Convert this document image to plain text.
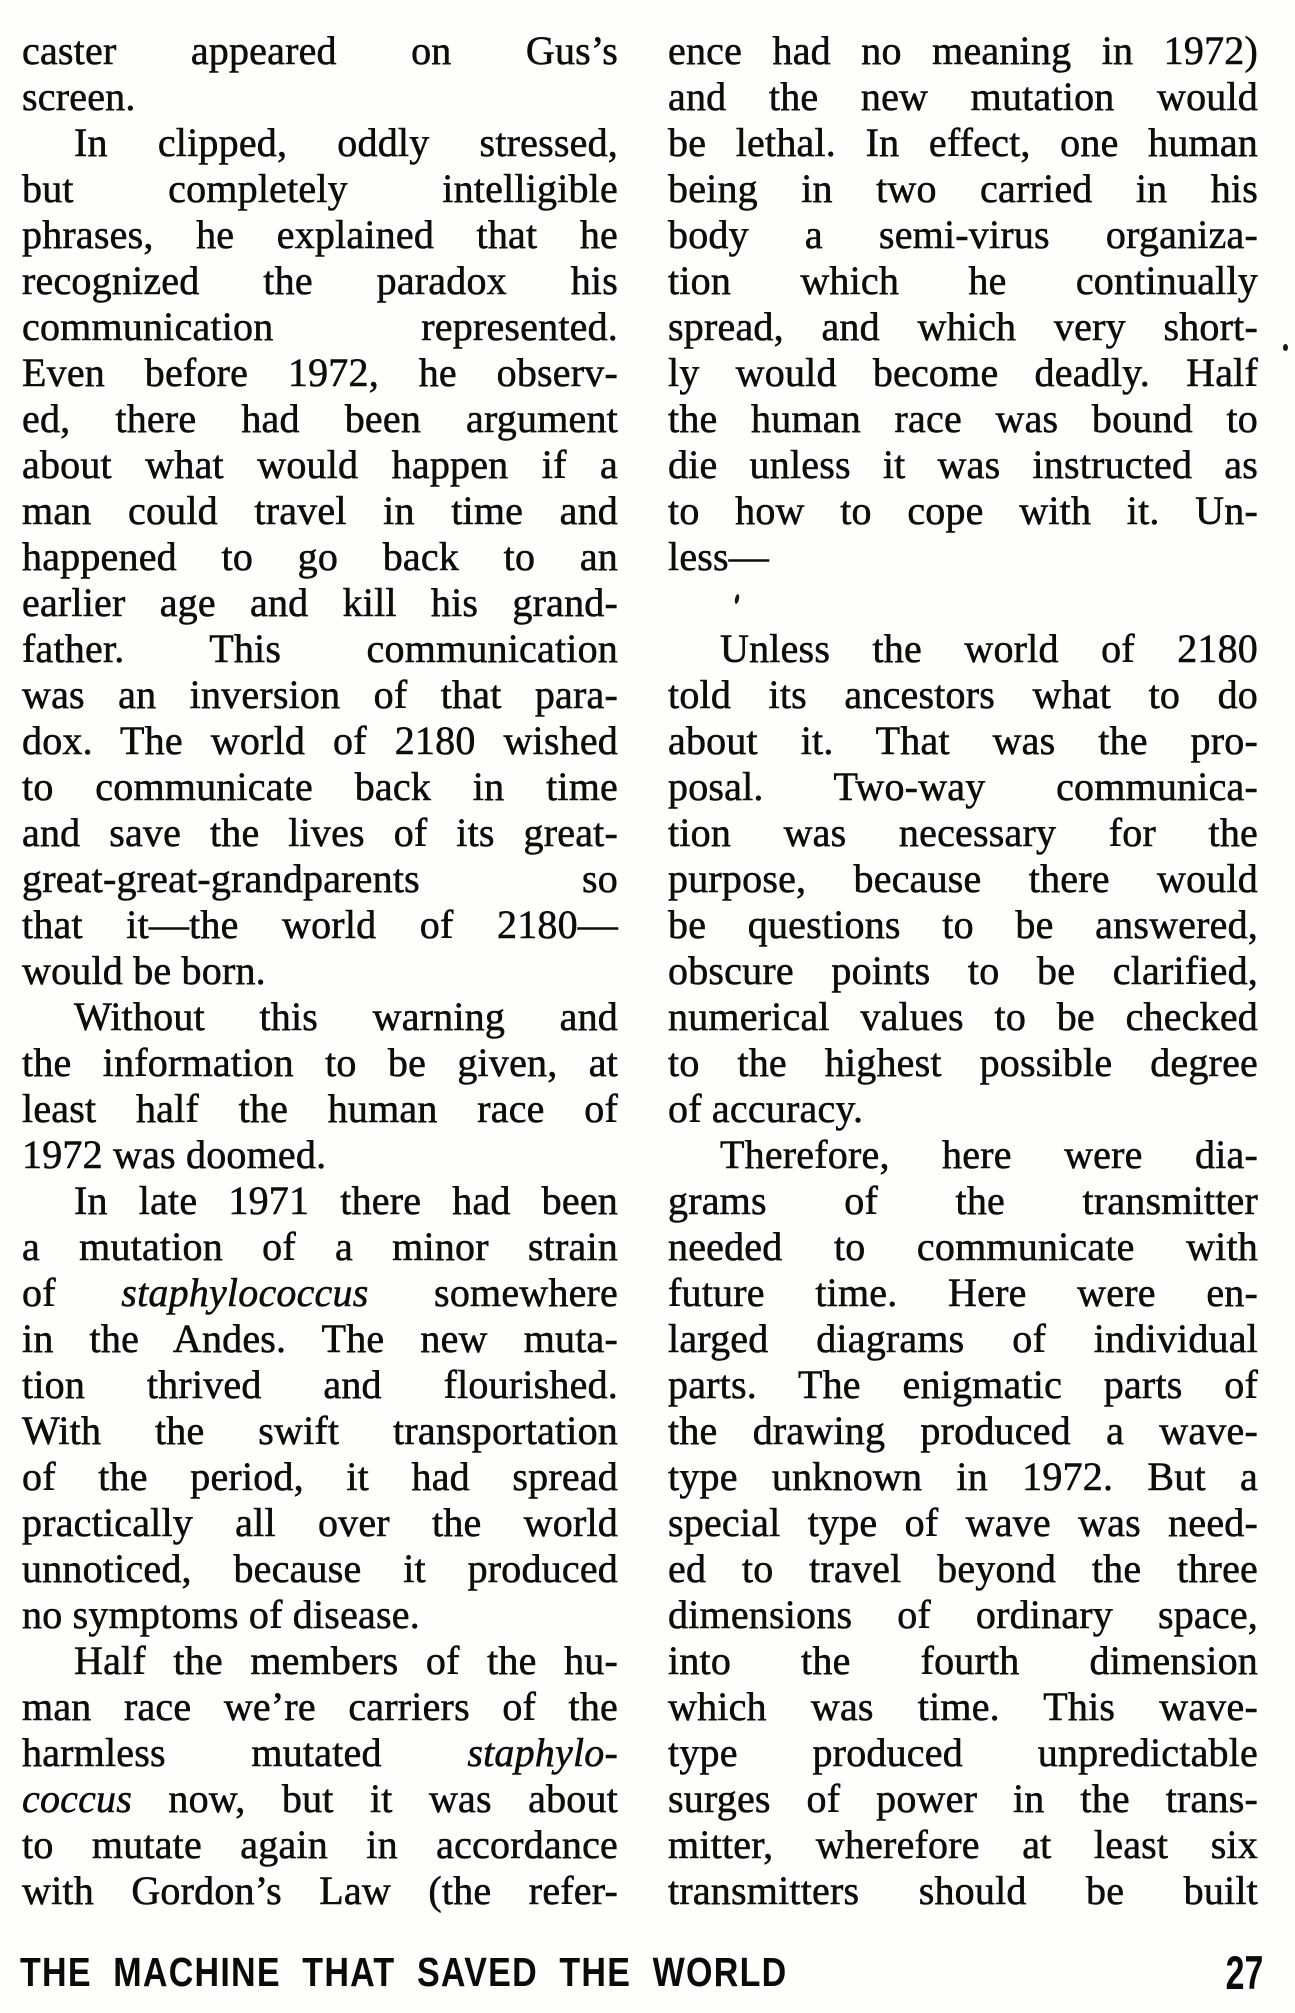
caster appeared on Gus’s
screen.
In clipped, oddly stressed,
but completely intelligible
phrases, he explained that he
recognized the paradox his
communication represented.
Even before 1972, he observ-
ed, there had been argument
about what would happen if a
man could travel in time and
happened to go back to an
earlier age and kill his grand-
father. This communication
was an inversion of that para-
dox. The world of 2180 wished
to communicate back in time
and save the lives of its great-
great-great-grandparents so
that it—the world of 2180—
would be born.
Without this warning and
the information to be given, at
least half the human race of
1972 was doomed.
In late 1971 there had been
a mutation of a minor strain
of staphylococcus somewhere
in the Andes. The new muta-
tion thrived and flourished.
With the swift transportation
of the period, it had spread
practically all over the world
unnoticed, because it produced
no symptoms of disease.
Half the members of the hu-
man race we’re carriers of the
harmless mutated staphylo-
coccus now, but it was about
to mutate again in accordance
with Gordon’s Law (the refer-
ence had no meaning in 1972)
and the new mutation would
be lethal. In effect, one human
being in two carried in his
body a semi-virus organiza-
tion which he continually
spread, and which very short-
ly would become deadly. Half
the human race was bound to
die unless it was instructed as
to how to cope with it. Un-
less—
Unless the world of 2180
told its ancestors what to do
about it. That was the pro-
posal. Two-way communica-
tion was necessary for the
purpose, because there would
be questions to be answered,
obscure points to be clarified,
numerical values to be checked
to the highest possible degree
of accuracy.
Therefore, here were dia-
grams of the transmitter
needed to communicate with
future time. Here were en-
larged diagrams of individual
parts. The enigmatic parts of
the drawing produced a wave-
type unknown in 1972. But a
special type of wave was need-
ed to travel beyond the three
dimensions of ordinary space,
into the fourth dimension
which was time. This wave-
type produced unpredictable
surges of power in the trans-
mitter, wherefore at least six
transmitters should be built
THE MACHINE THAT SAVED THE WORLD	27
